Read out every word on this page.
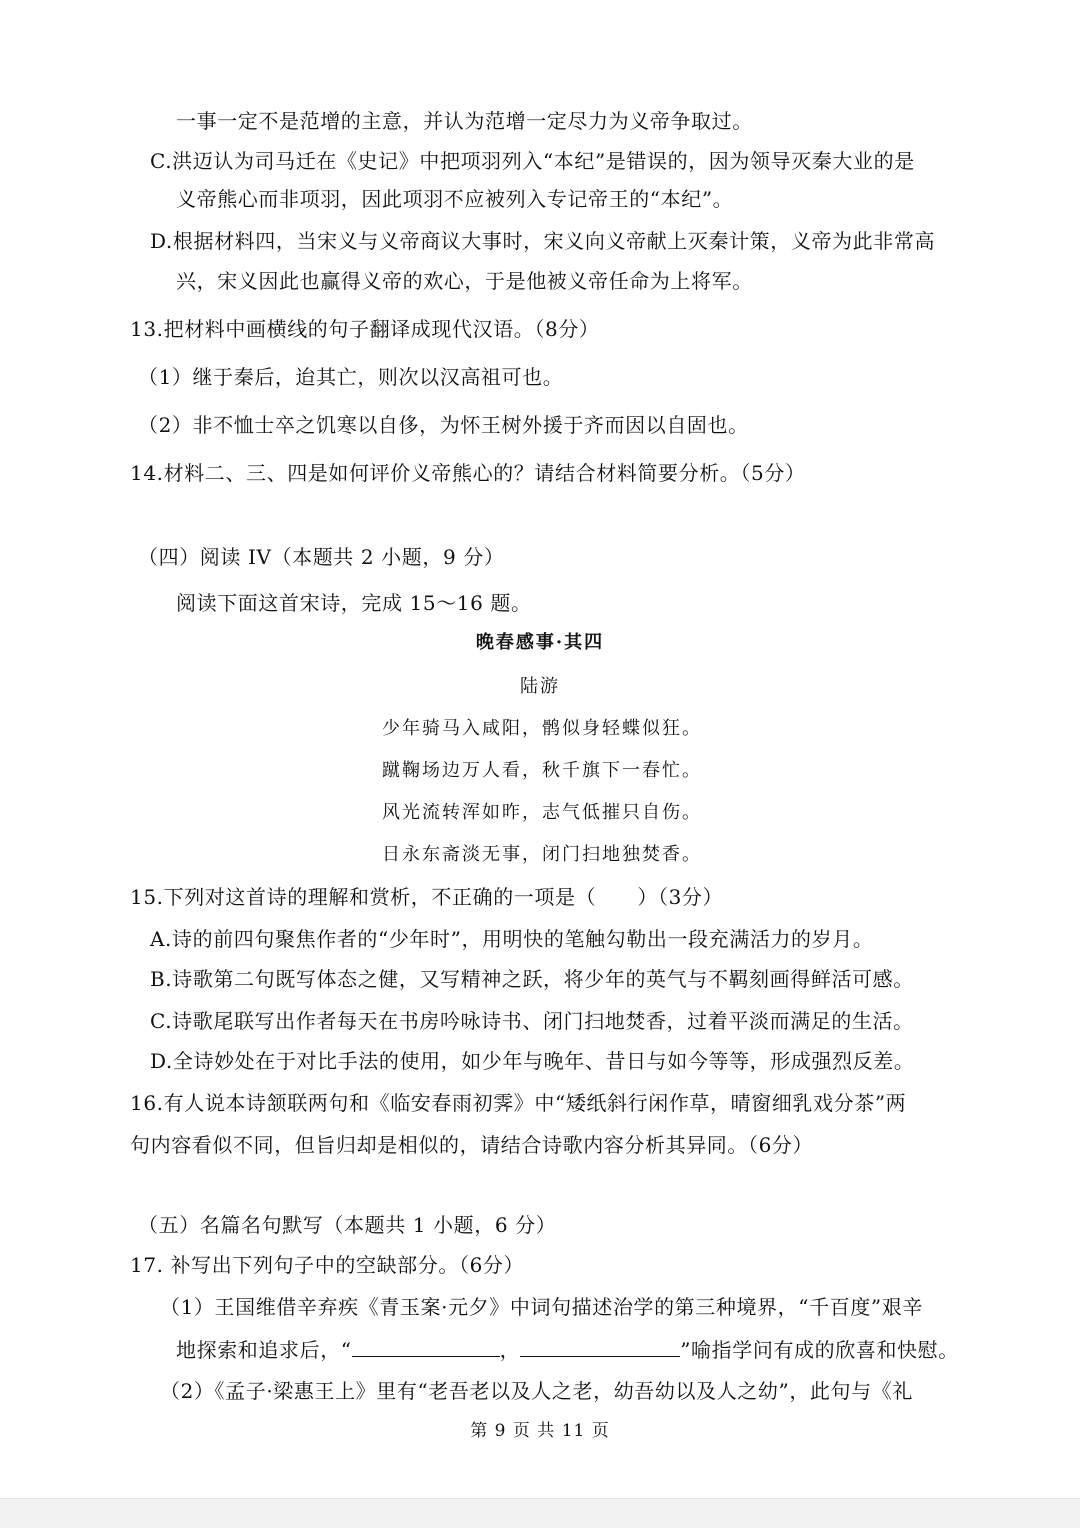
一事一定不是范增的主意，并认为范增一定尽力为义帝争取过。
C.洪迈认为司马迁在《史记》中把项羽列入“本纪”是错误的，因为领导灭秦大业的是
义帝熊心而非项羽，因此项羽不应被列入专记帝王的“本纪”。
D.根据材料四，当宋义与义帝商议大事时，宋义向义帝献上灭秦计策，义帝为此非常高
兴，宋义因此也赢得义帝的欢心，于是他被义帝任命为上将军。
13.把材料中画横线的句子翻译成现代汉语。（8分）
（1）继于秦后，迨其亡，则次以汉高祖可也。
（2）非不恤士卒之饥寒以自侈，为怀王树外援于齐而因以自固也。
14.材料二、三、四是如何评价义帝熊心的？请结合材料简要分析。（5分）
（四）阅读 IV（本题共 2 小题，9 分）
阅读下面这首宋诗，完成 15～16 题。
晚春感事·其四
陆游
少年骑马入咸阳，鹘似身轻蝶似狂。
蹴鞠场边万人看，秋千旗下一春忙。
风光流转浑如昨，志气低摧只自伤。
日永东斋淡无事，闭门扫地独焚香。
15.下列对这首诗的理解和赏析，不正确的一项是（　　）（3分）
A.诗的前四句聚焦作者的“少年时”，用明快的笔触勾勒出一段充满活力的岁月。
B.诗歌第二句既写体态之健，又写精神之跃，将少年的英气与不羁刻画得鲜活可感。
C.诗歌尾联写出作者每天在书房吟咏诗书、闭门扫地焚香，过着平淡而满足的生活。
D.全诗妙处在于对比手法的使用，如少年与晚年、昔日与如今等等，形成强烈反差。
16.有人说本诗颔联两句和《临安春雨初霁》中“矮纸斜行闲作草，晴窗细乳戏分茶”两
句内容看似不同，但旨归却是相似的，请结合诗歌内容分析其异同。（6分）
（五）名篇名句默写（本题共 1 小题，6 分）
17. 补写出下列句子中的空缺部分。（6分）
（1）王国维借辛弃疾《青玉案·元夕》中词句描述治学的第三种境界，“千百度”艰辛
地探索和追求后，“	，	”喻指学问有成的欣喜和快慰。
（2）《孟子·梁惠王上》里有“老吾老以及人之老，幼吾幼以及人之幼”，此句与《礼
第 9 页 共 11 页
